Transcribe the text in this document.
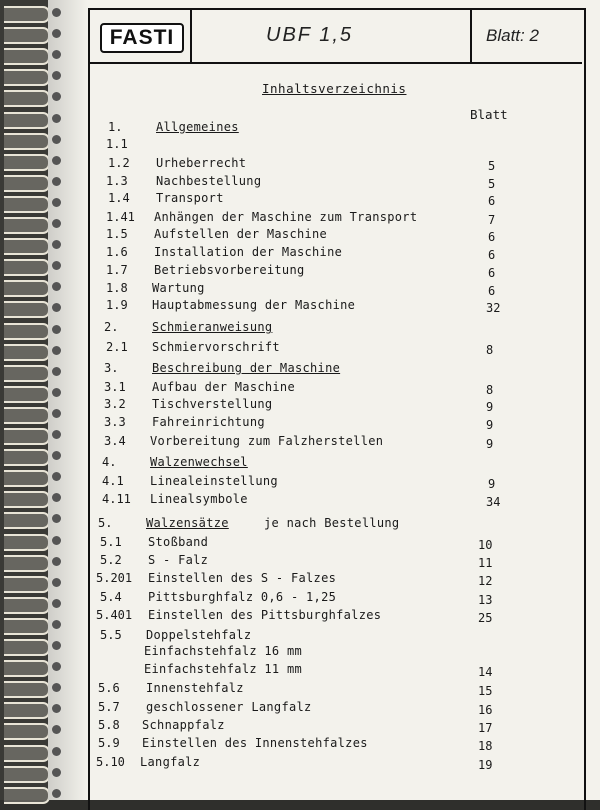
FASTI	UBF 1,5	Blatt: 2
Inhaltsverzeichnis
Blatt
1.	Allgemeines
1.1
1.2 Urheberrecht	5
1.3 Nachbestellung	5
1.4 Transport	6
1.41 Anhängen der Maschine zum Transport	7
1.5 Aufstellen der Maschine	6
1.6 Installation der Maschine	6
1.7 Betriebsvorbereitung	6
1.8 Wartung	6
1.9 Hauptabmessung der Maschine	32
2.	Schmieranweisung
2.1 Schmiervorschrift	8
3.	Beschreibung der Maschine
3.1 Aufbau der Maschine	8
3.2 Tischverstellung	9
3.3 Fahreinrichtung	9
3.4 Vorbereitung zum Falzherstellen	9
4.	Walzenwechsel
4.1 Linealeinstellung	9
4.11 Linealsymbole	34
5.	Walzensätze	je nach Bestellung
5.1 Stoßband	10
5.2 S - Falz	11
5.201 Einstellen des S - Falzes	12
5.4 Pittsburghfalz 0,6 - 1,25	13
5.401 Einstellen des Pittsburghfalzes	25
5.5 Doppelstehfalz
Einfachstehfalz 16 mm
Einfachstehfalz 11 mm	14
5.6 Innenstehfalz	15
5.7 geschlossener Langfalz	16
5.8 Schnappfalz	17
5.9 Einstellen des Innenstehfalzes	18
5.10 Langfalz	19
